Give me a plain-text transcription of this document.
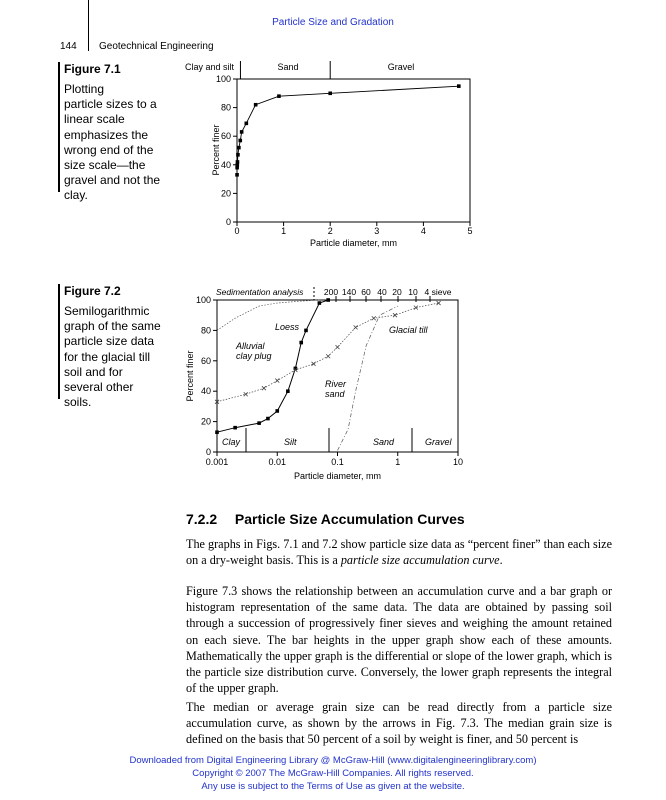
Particle Size and Gradation
144 Geotechnical Engineering
Figure 7.1
Plotting
particle sizes to a
linear scale
emphasizes the
wrong end of the
size scale—the
gravel and not the
clay.
Clay and silt	Sand	Gravel
0
20
40
60
80
100
0	1	2	3	4	5
Particle diameter, mm
Percent finer
Figure 7.2
Semilogarithmic
graph of the same
particle size data
for the glacial till
soil and for
several other
soils.
0
20
40
60
80
100
0.001	0.01	0.1	1	10
Particle diameter, mm
Percent finer
Sedimentation analysis 200 140 60 40 20 10 4 sieve
Clay	Silt	Sand	Gravel
Loess	Glacial till
Alluvial
clay plug
River
sand
7.2.2 Particle Size Accumulation Curves

The graphs in Figs. 7.1 and 7.2 show particle size data as “percent finer” than each size on a dry-weight basis. This is a particle size accumulation curve.

Figure 7.3 shows the relationship between an accumulation curve and a bar graph or histogram representation of the same data. The data are obtained by passing soil through a succession of progressively finer sieves and weighing the amount retained on each sieve. The bar heights in the upper graph show each of these amounts. Mathematically the upper graph is the differential or slope of the lower graph, which is the particle size distribution curve. Conversely, the lower graph represents the integral of the upper graph.

The median or average grain size can be read directly from a particle size accumulation curve, as shown by the arrows in Fig. 7.3. The median grain size is defined on the basis that 50 percent of a soil by weight is finer, and 50 percent is

Downloaded from Digital Engineering Library @ McGraw-Hill (www.digitalengineeringlibrary.com)
Copyright © 2007 The McGraw-Hill Companies. All rights reserved.
Any use is subject to the Terms of Use as given at the website.
